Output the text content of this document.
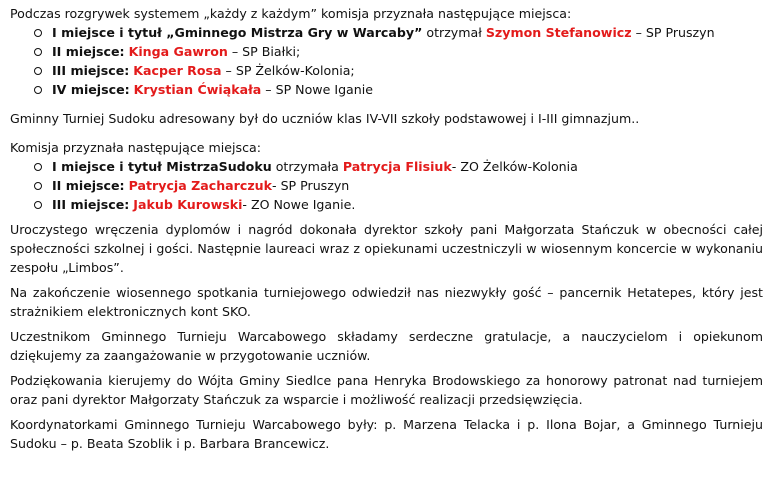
Podczas rozgrywek systemem „każdy z każdym” komisja przyznała następujące miejsca:

I miejsce i tytuł „Gminnego Mistrza Gry w Warcaby” otrzymał Szymon Stefanowicz – SP Pruszyn
II miejsce: Kinga Gawron – SP Białki;
III miejsce: Kacper Rosa – SP Żelków-Kolonia;
IV miejsce: Krystian Ćwiąkała – SP Nowe Iganie

Gminny Turniej Sudoku adresowany był do uczniów klas IV-VII szkoły podstawowej i I-III gimnazjum..

Komisja przyznała następujące miejsca:

I miejsce i tytuł MistrzaSudoku otrzymała Patrycja Flisiuk- ZO Żelków-Kolonia
II miejsce: Patrycja Zacharczuk- SP Pruszyn
III miejsce: Jakub Kurowski- ZO Nowe Iganie.

Uroczystego wręczenia dyplomów i nagród dokonała dyrektor szkoły pani Małgorzata Stańczuk w obecności całej społeczności szkolnej i gości. Następnie laureaci wraz z opiekunami uczestniczyli w wiosennym koncercie w wykonaniu zespołu „Limbos”.

Na zakończenie wiosennego spotkania turniejowego odwiedził nas niezwykły gość – pancernik Hetatepes, który jest strażnikiem elektronicznych kont SKO.

Uczestnikom Gminnego Turnieju Warcabowego składamy serdeczne gratulacje, a nauczycielom i opiekunom dziękujemy za zaangażowanie w przygotowanie uczniów.

Podziękowania kierujemy do Wójta Gminy Siedlce pana Henryka Brodowskiego za honorowy patronat nad turniejem oraz pani dyrektor Małgorzaty Stańczuk za wsparcie i możliwość realizacji przedsięwzięcia.

Koordynatorkami Gminnego Turnieju Warcabowego były: p. Marzena Telacka i p. Ilona Bojar, a Gminnego Turnieju Sudoku – p. Beata Szoblik i p. Barbara Brancewicz.
